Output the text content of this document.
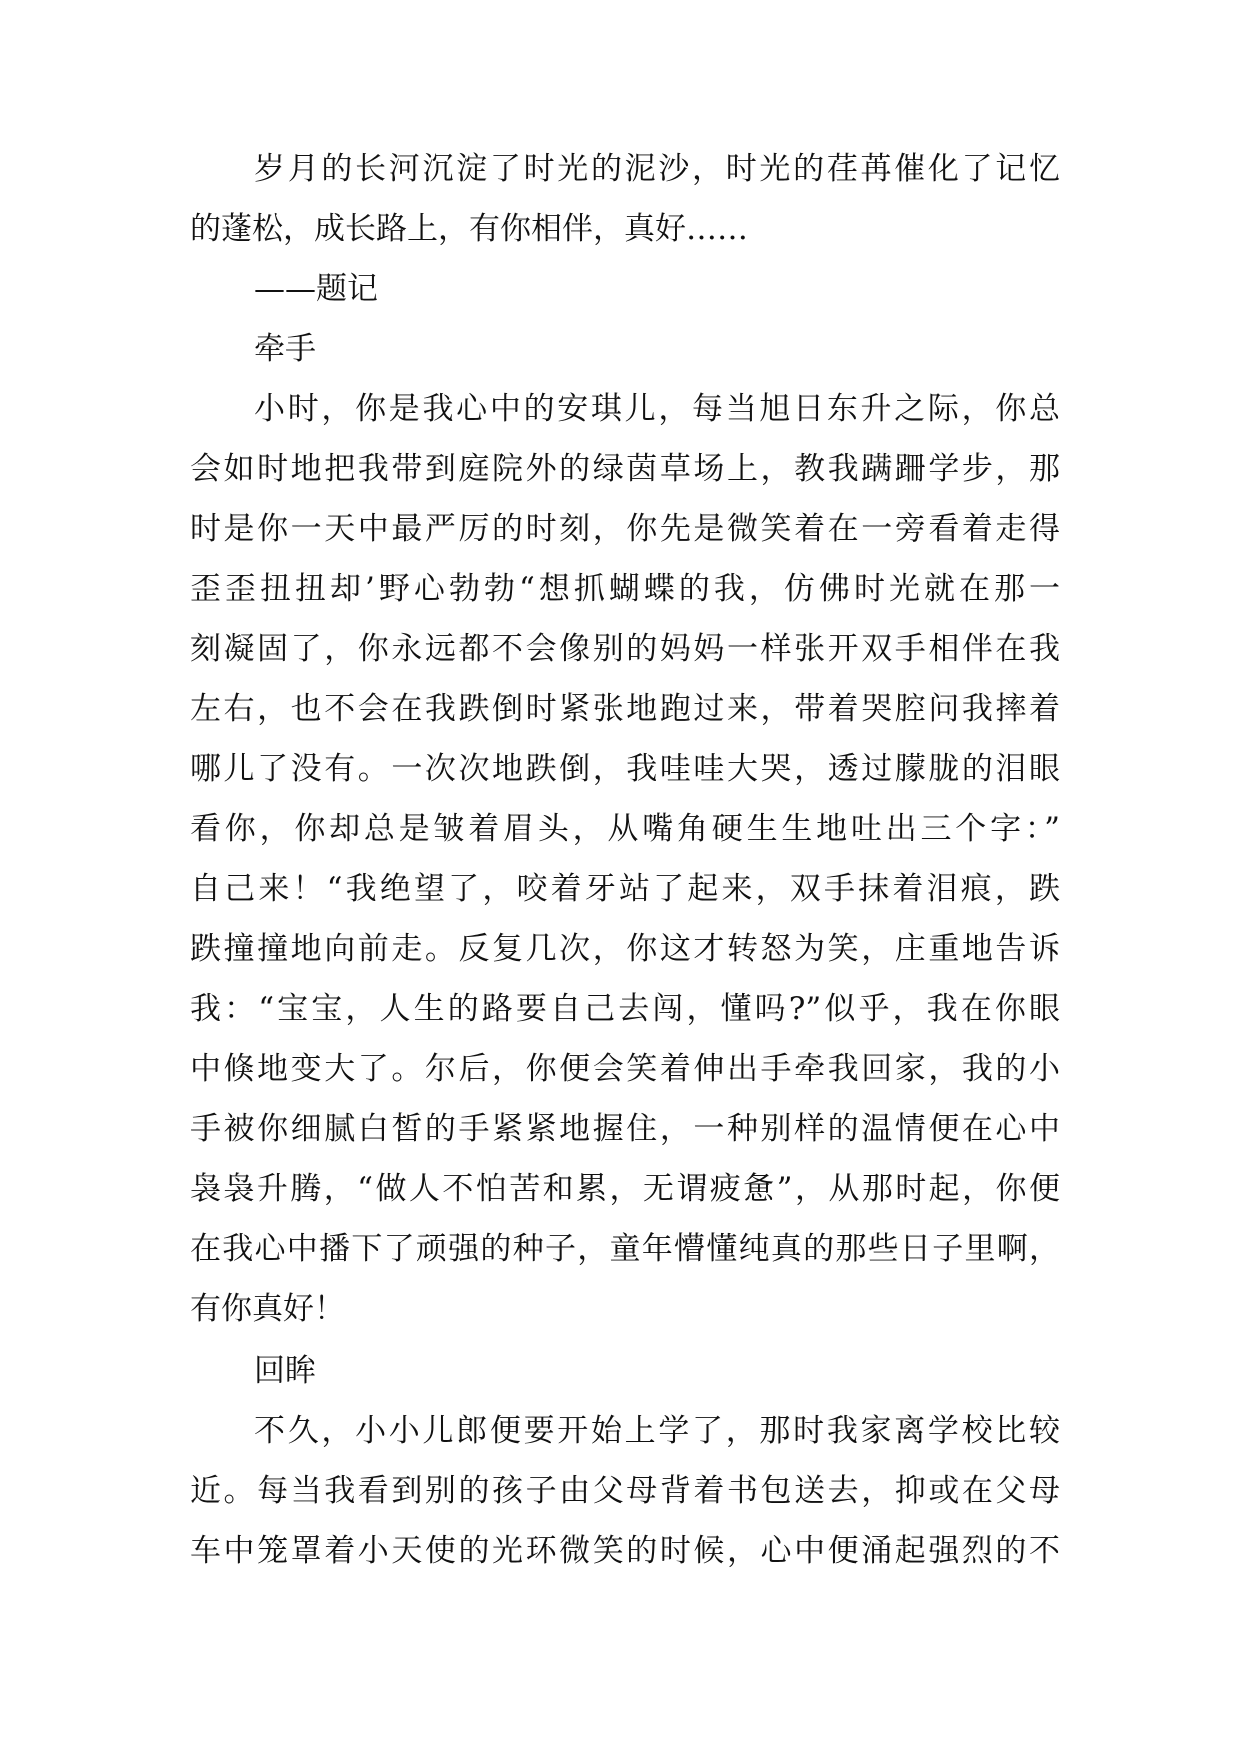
岁月的长河沉淀了时光的泥沙，时光的荏苒催化了记忆
的蓬松，成长路上，有你相伴，真好……
——题记
牵手
小时，你是我心中的安琪儿，每当旭日东升之际，你总
会如时地把我带到庭院外的绿茵草场上，教我蹒跚学步，那
时是你一天中最严厉的时刻，你先是微笑着在一旁看着走得
歪歪扭扭却’野心勃勃“想抓蝴蝶的我，仿佛时光就在那一
刻凝固了，你永远都不会像别的妈妈一样张开双手相伴在我
左右，也不会在我跌倒时紧张地跑过来，带着哭腔问我摔着
哪儿了没有。一次次地跌倒，我哇哇大哭，透过朦胧的泪眼
看你，你却总是皱着眉头，从嘴角硬生生地吐出三个字：”
自己来！“我绝望了，咬着牙站了起来，双手抹着泪痕，跌
跌撞撞地向前走。反复几次，你这才转怒为笑，庄重地告诉
我：“宝宝，人生的路要自己去闯，懂吗?”似乎，我在你眼
中倏地变大了。尔后，你便会笑着伸出手牵我回家，我的小
手被你细腻白皙的手紧紧地握住，一种别样的温情便在心中
袅袅升腾，“做人不怕苦和累，无谓疲惫”，从那时起，你便
在我心中播下了顽强的种子，童年懵懂纯真的那些日子里啊，
有你真好！
回眸
不久，小小儿郎便要开始上学了，那时我家离学校比较
近。每当我看到别的孩子由父母背着书包送去，抑或在父母
车中笼罩着小天使的光环微笑的时候，心中便涌起强烈的不
